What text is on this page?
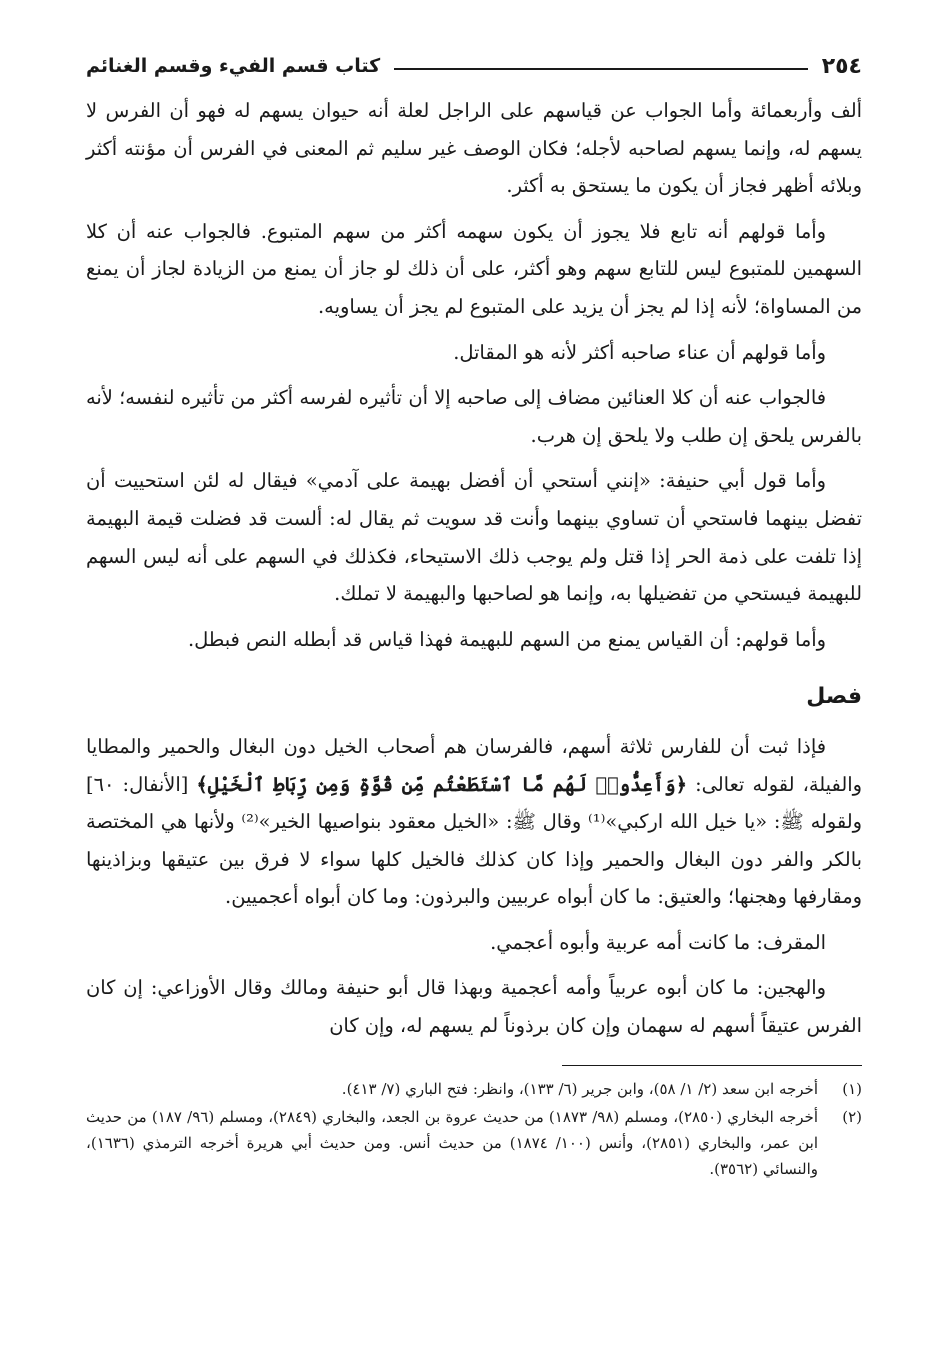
٢٥٤
كتاب قسم الفيء وقسم الغنائم

ألف وأربعمائة وأما الجواب عن قياسهم على الراجل لعلة أنه حيوان يسهم له فهو أن الفرس لا يسهم له، وإنما يسهم لصاحبه لأجله؛ فكان الوصف غير سليم ثم المعنى في الفرس أن مؤنته أكثر وبلائه أظهر فجاز أن يكون ما يستحق به أكثر.

وأما قولهم أنه تابع فلا يجوز أن يكون سهمه أكثر من سهم المتبوع. فالجواب عنه أن كلا السهمين للمتبوع ليس للتابع سهم وهو أكثر، على أن ذلك لو جاز أن يمنع من الزيادة لجاز أن يمنع من المساواة؛ لأنه إذا لم يجز أن يزيد على المتبوع لم يجز أن يساويه.

وأما قولهم أن عناء صاحبه أكثر لأنه هو المقاتل.

فالجواب عنه أن كلا العنائين مضاف إلى صاحبه إلا أن تأثيره لفرسه أكثر من تأثيره لنفسه؛ لأنه بالفرس يلحق إن طلب ولا يلحق إن هرب.

وأما قول أبي حنيفة: «إنني أستحي أن أفضل بهيمة على آدمي» فيقال له لئن استحييت أن تفضل بينهما فاستحي أن تساوي بينهما وأنت قد سويت ثم يقال له: ألست قد فضلت قيمة البهيمة إذا تلفت على ذمة الحر إذا قتل ولم يوجب ذلك الاستيحاء، فكذلك في السهم على أنه ليس السهم للبهيمة فيستحي من تفضيلها به، وإنما هو لصاحبها والبهيمة لا تملك.

وأما قولهم: أن القياس يمنع من السهم للبهيمة فهذا قياس قد أبطله النص فبطل.

فصل

فإذا ثبت أن للفارس ثلاثة أسهم، فالفرسان هم أصحاب الخيل دون البغال والحمير والمطايا والفيلة، لقوله تعالى: ﴿وَأَعِدُّوا۟ لَهُم مَّا ٱسْتَطَعْتُم مِّن قُوَّةٍ وَمِن رِّبَاطِ ٱلْخَيْلِ﴾ [الأنفال: ٦٠] ولقوله ﷺ: «يا خيل الله اركبي»⁽¹⁾ وقال ﷺ: «الخيل معقود بنواصيها الخير»⁽²⁾ ولأنها هي المختصة بالكر والفر دون البغال والحمير وإذا كان كذلك فالخيل كلها سواء لا فرق بين عتيقها وبزاذينها ومقارفها وهجنها؛ والعتيق: ما كان أبواه عربيين والبرذون: وما كان أبواه أعجميين.

المقرف: ما كانت أمه عربية وأبوه أعجمي.

والهجين: ما كان أبوه عربياً وأمه أعجمية وبهذا قال أبو حنيفة ومالك وقال الأوزاعي: إن كان الفرس عتيقاً أسهم له سهمان وإن كان برذوناً لم يسهم له، وإن كان

(١)
أخرجه ابن سعد (٢/ ١/ ٥٨)، وابن جرير (٦/ ١٣٣)، وانظر: فتح الباري (٧/ ٤١٣).
(٢)
أخرجه البخاري (٢٨٥٠)، ومسلم (٩٨/ ١٨٧٣) من حديث عروة بن الجعد، والبخاري (٢٨٤٩)، ومسلم (٩٦/ ١٨٧) من حديث ابن عمر، والبخاري (٢٨٥١)، وأنس (١٠٠/ ١٨٧٤) من حديث أنس. ومن حديث أبي هريرة أخرجه الترمذي (١٦٣٦)، والنسائي (٣٥٦٢).
